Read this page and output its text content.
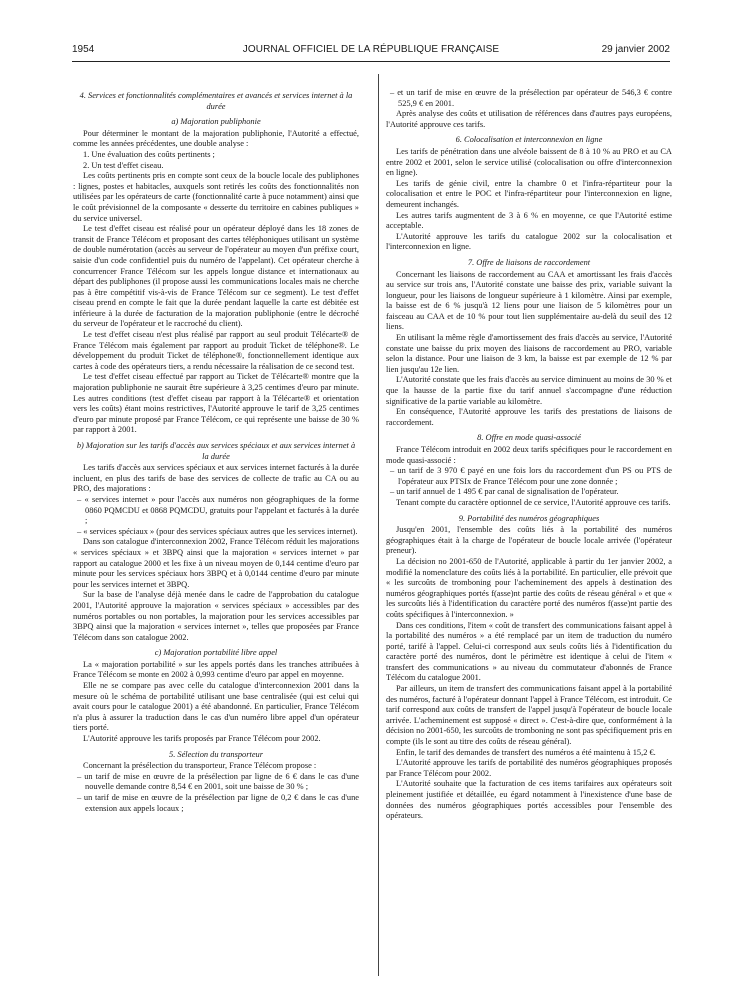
1954	JOURNAL OFFICIEL DE LA RÉPUBLIQUE FRANÇAISE	29 janvier 2002
4. Services et fonctionnalités complémentaires et avancés et services internet à la durée
a) Majoration publiphonie

Pour déterminer le montant de la majoration publiphonie, l'Autorité a effectué, comme les années précédentes, une double analyse :

1. Une évaluation des coûts pertinents ;

2. Un test d'effet ciseau.

Les coûts pertinents pris en compte sont ceux de la boucle locale des publiphones : lignes, postes et habitacles, auxquels sont retirés les coûts des fonctionnalités non utilisées par les opérateurs de carte (fonctionnalité carte à puce notamment) ainsi que le coût prévisionnel de la composante « desserte du territoire en cabines publiques » du service universel.

Le test d'effet ciseau est réalisé pour un opérateur déployé dans les 18 zones de transit de France Télécom et proposant des cartes téléphoniques utilisant un système de double numérotation (accès au serveur de l'opérateur au moyen d'un préfixe court, saisie d'un code confidentiel puis du numéro de l'appelant). Cet opérateur cherche à concurrencer France Télécom sur les appels longue distance et internationaux au départ des publiphones (il propose aussi les communications locales mais ne cherche pas à être compétitif vis-à-vis de France Télécom sur ce segment). Le test d'effet ciseau prend en compte le fait que la durée pendant laquelle la carte est débitée est inférieure à la durée de facturation de la majoration publiphonie (entre le décroché du serveur de l'opérateur et le raccroché du client).

Le test d'effet ciseau n'est plus réalisé par rapport au seul produit Télécarte® de France Télécom mais également par rapport au produit Ticket de téléphone®. Le développement du produit Ticket de téléphone®, fonctionnellement identique aux cartes à code des opérateurs tiers, a rendu nécessaire la réalisation de ce second test.

Le test d'effet ciseau effectué par rapport au Ticket de Télécarte® montre que la majoration publiphonie ne saurait être supérieure à 3,25 centimes d'euro par minute. Les autres conditions (test d'effet ciseau par rapport à la Télécarte® et orientation vers les coûts) étant moins restrictives, l'Autorité approuve le tarif de 3,25 centimes d'euro par minute proposé par France Télécom, ce qui représente une baisse de 30 % par rapport à 2001.

b) Majoration sur les tarifs d'accès aux services spéciaux et aux services internet à la durée

Les tarifs d'accès aux services spéciaux et aux services internet facturés à la durée incluent, en plus des tarifs de base des services de collecte de trafic au CA ou au PRO, des majorations :

– « services internet » pour l'accès aux numéros non géographiques de la forme 0860 PQMCDU et 0868 PQMCDU, gratuits pour l'appelant et facturés à la durée ;

– « services spéciaux » (pour des services spéciaux autres que les services internet).

Dans son catalogue d'interconnexion 2002, France Télécom réduit les majorations « services spéciaux » et 3BPQ ainsi que la majoration « services internet » par rapport au catalogue 2000 et les fixe à un niveau moyen de 0,144 centime d'euro par minute pour les services spéciaux hors 3BPQ et à 0,0144 centime d'euro par minute pour les services internet et 3BPQ.

Sur la base de l'analyse déjà menée dans le cadre de l'approbation du catalogue 2001, l'Autorité approuve la majoration « services spéciaux » accessibles par des numéros portables ou non portables, la majoration pour les services accessibles par 3BPQ ainsi que la majoration « services internet », telles que proposées par France Télécom dans son catalogue 2002.

c) Majoration portabilité libre appel

La « majoration portabilité » sur les appels portés dans les tranches attribuées à France Télécom se monte en 2002 à 0,993 centime d'euro par appel en moyenne.

Elle ne se compare pas avec celle du catalogue d'interconnexion 2001 dans la mesure où le schéma de portabilité utilisant une base centralisée (qui est celui qui avait cours pour le catalogue 2001) a été abandonné. En particulier, France Télécom n'a plus à assurer la traduction dans le cas d'un numéro libre appel d'un opérateur tiers porté.

L'Autorité approuve les tarifs proposés par France Télécom pour 2002.

5. Sélection du transporteur

Concernant la présélection du transporteur, France Télécom propose :

– un tarif de mise en œuvre de la présélection par ligne de 6 € dans le cas d'une nouvelle demande contre 8,54 € en 2001, soit une baisse de 30 % ;

– un tarif de mise en œuvre de la présélection par ligne de 0,2 € dans le cas d'une extension aux appels locaux ;

– et un tarif de mise en œuvre de la présélection par opérateur de 546,3 € contre 525,9 € en 2001.

Après analyse des coûts et utilisation de références dans d'autres pays européens, l'Autorité approuve ces tarifs.

6. Colocalisation et interconnexion en ligne

Les tarifs de pénétration dans une alvéole baissent de 8 à 10 % au PRO et au CA entre 2002 et 2001, selon le service utilisé (colocalisation ou offre d'interconnexion en ligne).

Les tarifs de génie civil, entre la chambre 0 et l'infra-répartiteur pour la colocalisation et entre le POC et l'infra-répartiteur pour l'interconnexion en ligne, demeurent inchangés.

Les autres tarifs augmentent de 3 à 6 % en moyenne, ce que l'Autorité estime acceptable.

L'Autorité approuve les tarifs du catalogue 2002 sur la colocalisation et l'interconnexion en ligne.

7. Offre de liaisons de raccordement

Concernant les liaisons de raccordement au CAA et amortissant les frais d'accès au service sur trois ans, l'Autorité constate une baisse des prix, variable suivant la longueur, pour les liaisons de longueur supérieure à 1 kilomètre. Ainsi par exemple, la baisse est de 6 % jusqu'à 12 liens pour une liaison de 5 kilomètres pour un faisceau au CAA et de 10 % pour tout lien supplémentaire au-delà du seuil des 12 liens.

En utilisant la même règle d'amortissement des frais d'accès au service, l'Autorité constate une baisse du prix moyen des liaisons de raccordement au PRO, variable selon la distance. Pour une liaison de 3 km, la baisse est par exemple de 12 % par lien jusqu'au 12e lien.

L'Autorité constate que les frais d'accès au service diminuent au moins de 30 % et que la hausse de la partie fixe du tarif annuel s'accompagne d'une réduction significative de la partie variable au kilomètre.

En conséquence, l'Autorité approuve les tarifs des prestations de liaisons de raccordement.

8. Offre en mode quasi-associé

France Télécom introduit en 2002 deux tarifs spécifiques pour le raccordement en mode quasi-associé :

– un tarif de 3 970 € payé en une fois lors du raccordement d'un PS ou PTS de l'opérateur aux PTSIx de France Télécom pour une zone donnée ;

– un tarif annuel de 1 495 € par canal de signalisation de l'opérateur.

Tenant compte du caractère optionnel de ce service, l'Autorité approuve ces tarifs.

9. Portabilité des numéros géographiques

Jusqu'en 2001, l'ensemble des coûts liés à la portabilité des numéros géographiques était à la charge de l'opérateur de boucle locale arrivée (l'opérateur preneur).

La décision no 2001-650 de l'Autorité, applicable à partir du 1er janvier 2002, a modifié la nomenclature des coûts liés à la portabilité. En particulier, elle prévoit que « les surcoûts de tromboning pour l'acheminement des appels à destination des numéros géographiques portés f(asse)nt partie des coûts de réseau général » et que « les surcoûts liés à l'identification du caractère porté des numéros f(asse)nt partie des coûts spécifiques à l'interconnexion. »

Dans ces conditions, l'item « coût de transfert des communications faisant appel à la portabilité des numéros » a été remplacé par un item de traduction du numéro porté, tarifé à l'appel. Celui-ci correspond aux seuls coûts liés à l'identification du caractère porté des numéros, dont le périmètre est identique à celui de l'item « transfert des communications » au niveau du commutateur d'abonnés de France Télécom du catalogue 2001.

Par ailleurs, un item de transfert des communications faisant appel à la portabilité des numéros, facturé à l'opérateur donnant l'appel à France Télécom, est introduit. Ce tarif correspond aux coûts de transfert de l'appel jusqu'à l'opérateur de boucle locale arrivée. L'acheminement est supposé « direct ». C'est-à-dire que, conformément à la décision no 2001-650, les surcoûts de tromboning ne sont pas spécifiquement pris en compte (ils le sont au titre des coûts de réseau général).

Enfin, le tarif des demandes de transfert des numéros a été maintenu à 15,2 €.

L'Autorité approuve les tarifs de portabilité des numéros géographiques proposés par France Télécom pour 2002.

L'Autorité souhaite que la facturation de ces items tarifaires aux opérateurs soit pleinement justifiée et détaillée, eu égard notamment à l'inexistence d'une base de données des numéros géographiques portés accessibles pour l'ensemble des opérateurs.
